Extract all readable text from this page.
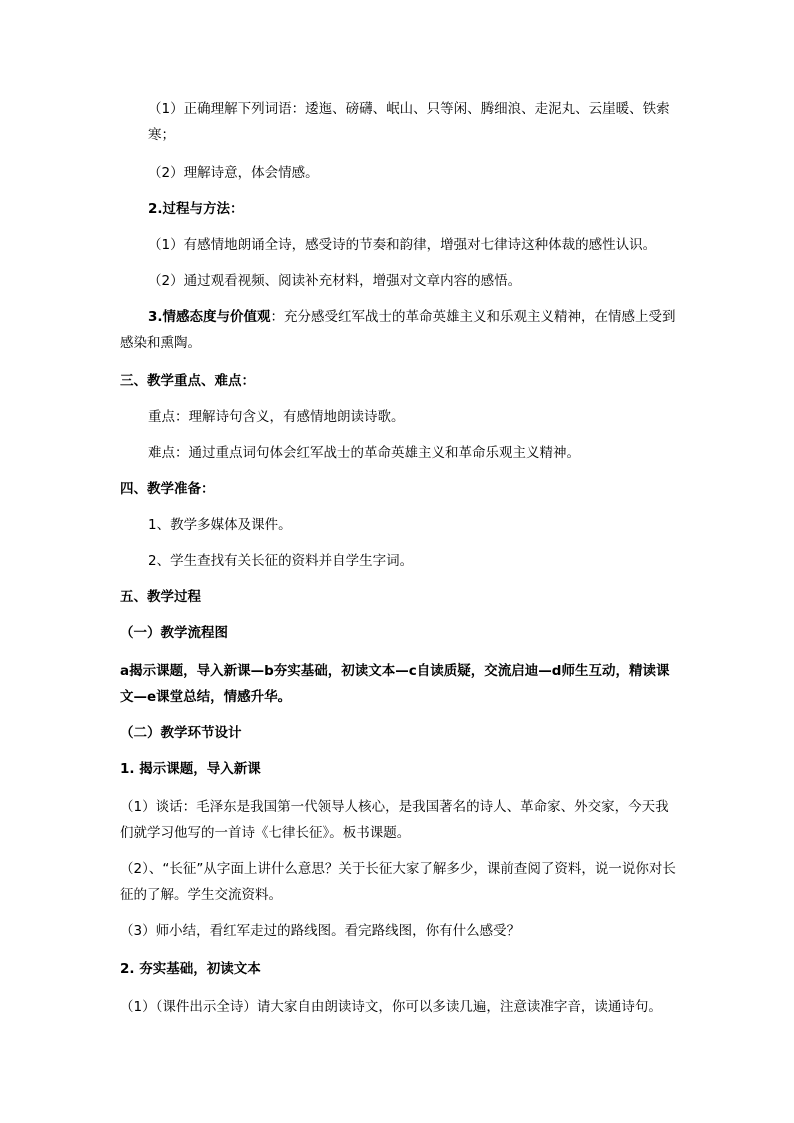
（1）正确理解下列词语：逶迤、磅礴、岷山、只等闲、腾细浪、走泥丸、云崖暖、铁索寒；

（2）理解诗意，体会情感。

2.过程与方法：

（1）有感情地朗诵全诗，感受诗的节奏和韵律，增强对七律诗这种体裁的感性认识。

（2）通过观看视频、阅读补充材料，增强对文章内容的感悟。

3.情感态度与价值观：充分感受红军战士的革命英雄主义和乐观主义精神，在情感上受到感染和熏陶。

三、教学重点、难点：

重点：理解诗句含义，有感情地朗读诗歌。

难点：通过重点词句体会红军战士的革命英雄主义和革命乐观主义精神。

四、教学准备：

1、教学多媒体及课件。

2、学生查找有关长征的资料并自学生字词。

五、教学过程

（一）教学流程图

a揭示课题，导入新课—b夯实基础，初读文本—c自读质疑，交流启迪—d师生互动，精读课文—e课堂总结，情感升华。

（二）教学环节设计

1. 揭示课题，导入新课

（1）谈话：毛泽东是我国第一代领导人核心，是我国著名的诗人、革命家、外交家，今天我们就学习他写的一首诗《七律长征》。板书课题。

（2）、“长征”从字面上讲什么意思？关于长征大家了解多少，课前查阅了资料，说一说你对长征的了解。学生交流资料。

（3）师小结，看红军走过的路线图。看完路线图，你有什么感受？

2. 夯实基础，初读文本

（1）（课件出示全诗）请大家自由朗读诗文，你可以多读几遍，注意读准字音，读通诗句。
